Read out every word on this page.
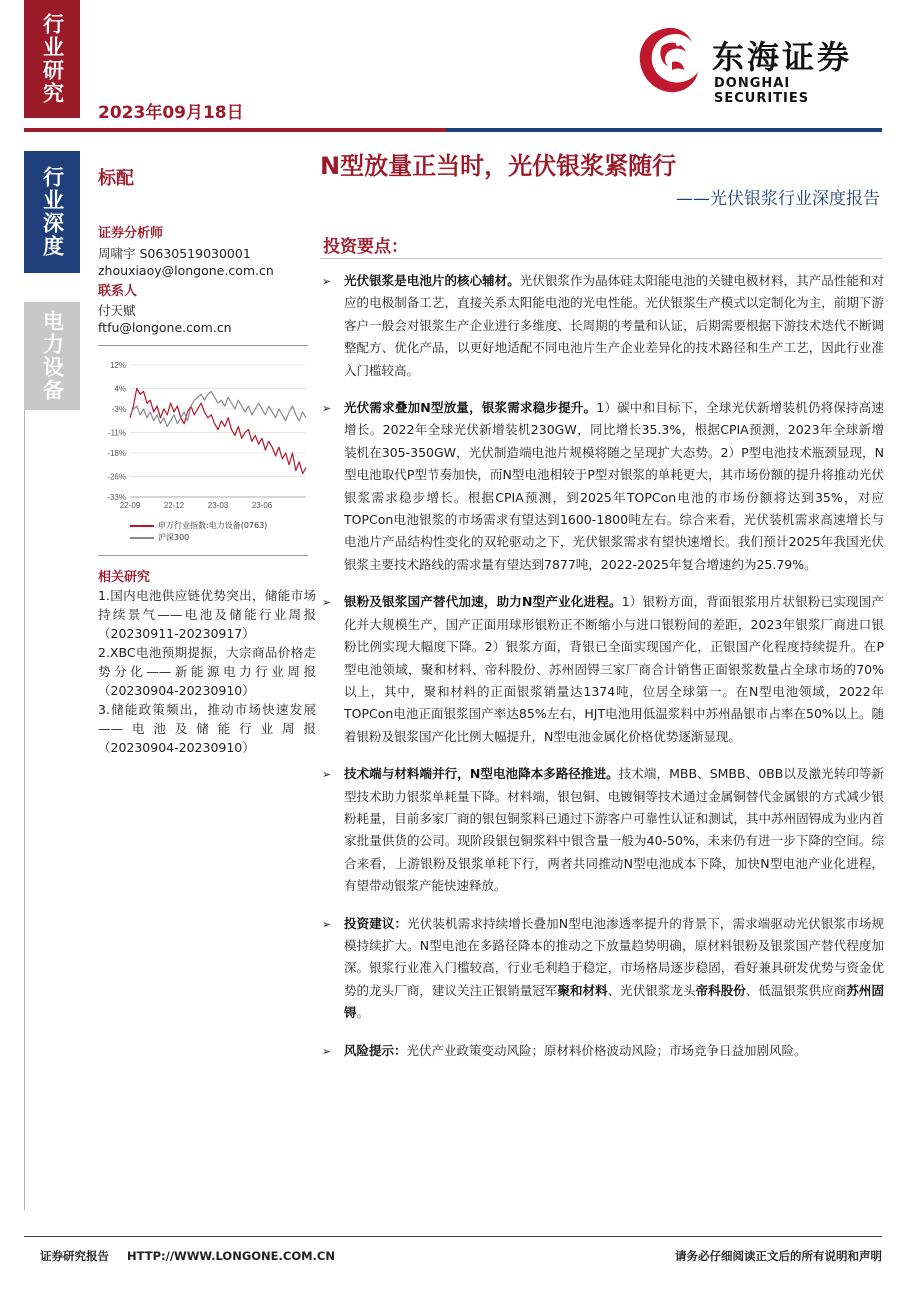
行业研究
行业深度
电力设备
2023年09月18日
东海证券
DONGHAI SECURITIES
标配
证券分析师
周啸宇 S0630519030001
zhouxiaoy@longone.com.cn
联系人
付天赋
ftfu@longone.com.cn
12%
4%
-3%
-11%
-18%
-26%
-33%
22-09	22-12	23-03	23-06
申万行业指数:电力设备(0763)
沪深300
相关研究

1.国内电池供应链优势突出，储能市场持续景气——电池及储能行业周报（20230911-20230917）

2.XBC电池预期提振，大宗商品价格走势分化——新能源电力行业周报（20230904-20230910）

3.储能政策频出，推动市场快速发展——电池及储能行业周报（20230904-20230910）

N型放量正当时，光伏银浆紧随行
——光伏银浆行业深度报告
投资要点：
➢	光伏银浆是电池片的核心辅材。光伏银浆作为晶体硅太阳能电池的关键电极材料，其产品性能和对应的电极制备工艺，直接关系太阳能电池的光电性能。光伏银浆生产模式以定制化为主，前期下游客户一般会对银浆生产企业进行多维度、长周期的考量和认证，后期需要根据下游技术迭代不断调整配方、优化产品，以更好地适配不同电池片生产企业差异化的技术路径和生产工艺，因此行业准入门槛较高。

➢	光伏需求叠加N型放量，银浆需求稳步提升。1）碳中和目标下，全球光伏新增装机仍将保持高速增长。2022年全球光伏新增装机230GW，同比增长35.3%，根据CPIA预测，2023年全球新增装机在305-350GW，光伏制造端电池片规模将随之呈现扩大态势。2）P型电池技术瓶颈显现，N型电池取代P型节奏加快，而N型电池相较于P型对银浆的单耗更大，其市场份额的提升将推动光伏银浆需求稳步增长。根据CPIA预测，到2025年TOPCon电池的市场份额将达到35%，对应TOPCon电池银浆的市场需求有望达到1600-1800吨左右。综合来看，光伏装机需求高速增长与电池片产品结构性变化的双轮驱动之下，光伏银浆需求有望快速增长。我们预计2025年我国光伏银浆主要技术路线的需求量有望达到7877吨，2022-2025年复合增速约为25.79%。

➢	银粉及银浆国产替代加速，助力N型产业化进程。1）银粉方面，背面银浆用片状银粉已实现国产化并大规模生产，国产正面用球形银粉正不断缩小与进口银粉间的差距，2023年银浆厂商进口银粉比例实现大幅度下降。2）银浆方面，背银已全面实现国产化，正银国产化程度持续提升。在P型电池领域，聚和材料、帝科股份、苏州固锝三家厂商合计销售正面银浆数量占全球市场的70%以上，其中，聚和材料的正面银浆销量达1374吨，位居全球第一。在N型电池领域，2022年TOPCon电池正面银浆国产率达85%左右，HJT电池用低温浆料中苏州晶银市占率在50%以上。随着银粉及银浆国产化比例大幅提升，N型电池金属化价格优势逐渐显现。

➢	技术端与材料端并行，N型电池降本多路径推进。技术端，MBB、SMBB、0BB以及激光转印等新型技术助力银浆单耗量下降。材料端，银包铜、电镀铜等技术通过金属铜替代金属银的方式减少银粉耗量，目前多家厂商的银包铜浆料已通过下游客户可靠性认证和测试，其中苏州固锝成为业内首家批量供货的公司。现阶段银包铜浆料中银含量一般为40-50%，未来仍有进一步下降的空间。综合来看，上游银粉及银浆单耗下行，两者共同推动N型电池成本下降，加快N型电池产业化进程，有望带动银浆产能快速释放。

➢	投资建议：光伏装机需求持续增长叠加N型电池渗透率提升的背景下，需求端驱动光伏银浆市场规模持续扩大。N型电池在多路径降本的推动之下放量趋势明确，原材料银粉及银浆国产替代程度加深。银浆行业准入门槛较高，行业毛利趋于稳定，市场格局逐步稳固，看好兼具研发优势与资金优势的龙头厂商，建议关注正银销量冠军聚和材料、光伏银浆龙头帝科股份、低温银浆供应商苏州固锝。

➢	风险提示：光伏产业政策变动风险；原材料价格波动风险；市场竞争日益加剧风险。

证券研究报告 HTTP://WWW.LONGONE.COM.CN	请务必仔细阅读正文后的所有说明和声明
